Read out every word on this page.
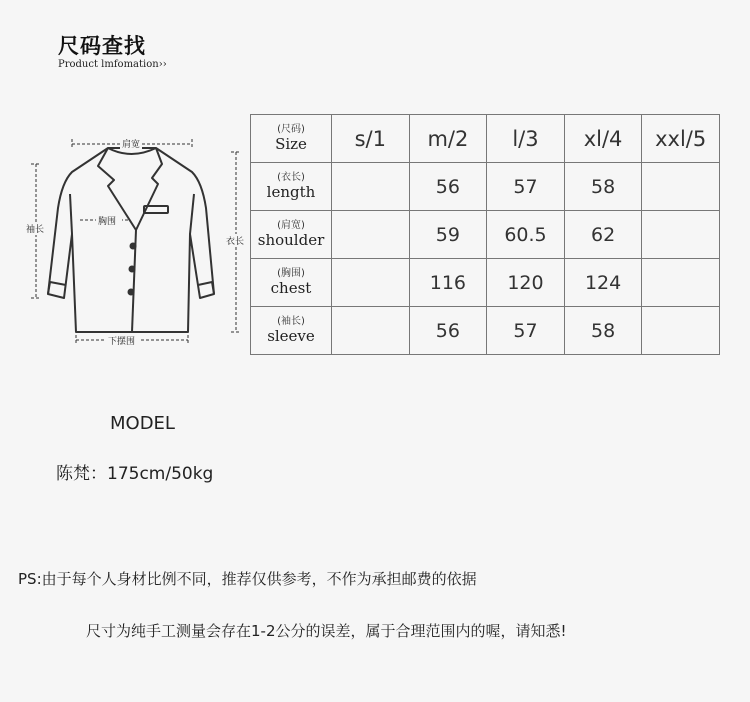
尺码查找
Product lmfomation››
肩宽
胸围
袖长
衣长
下摆围
(尺码)
Size	s/1	m/2	l/3	xl/4	xxl/5

(衣长)
length		56	57	58	

(肩宽)
shoulder		59	60.5	62	

(胸围)
chest		116	120	124	

(袖长)
sleeve		56	57	58	
MODEL
陈梵：175cm/50kg
PS:由于每个人身材比例不同，推荐仅供参考，不作为承担邮费的依据
尺寸为纯手工测量会存在1-2公分的误差，属于合理范围内的喔，请知悉!
